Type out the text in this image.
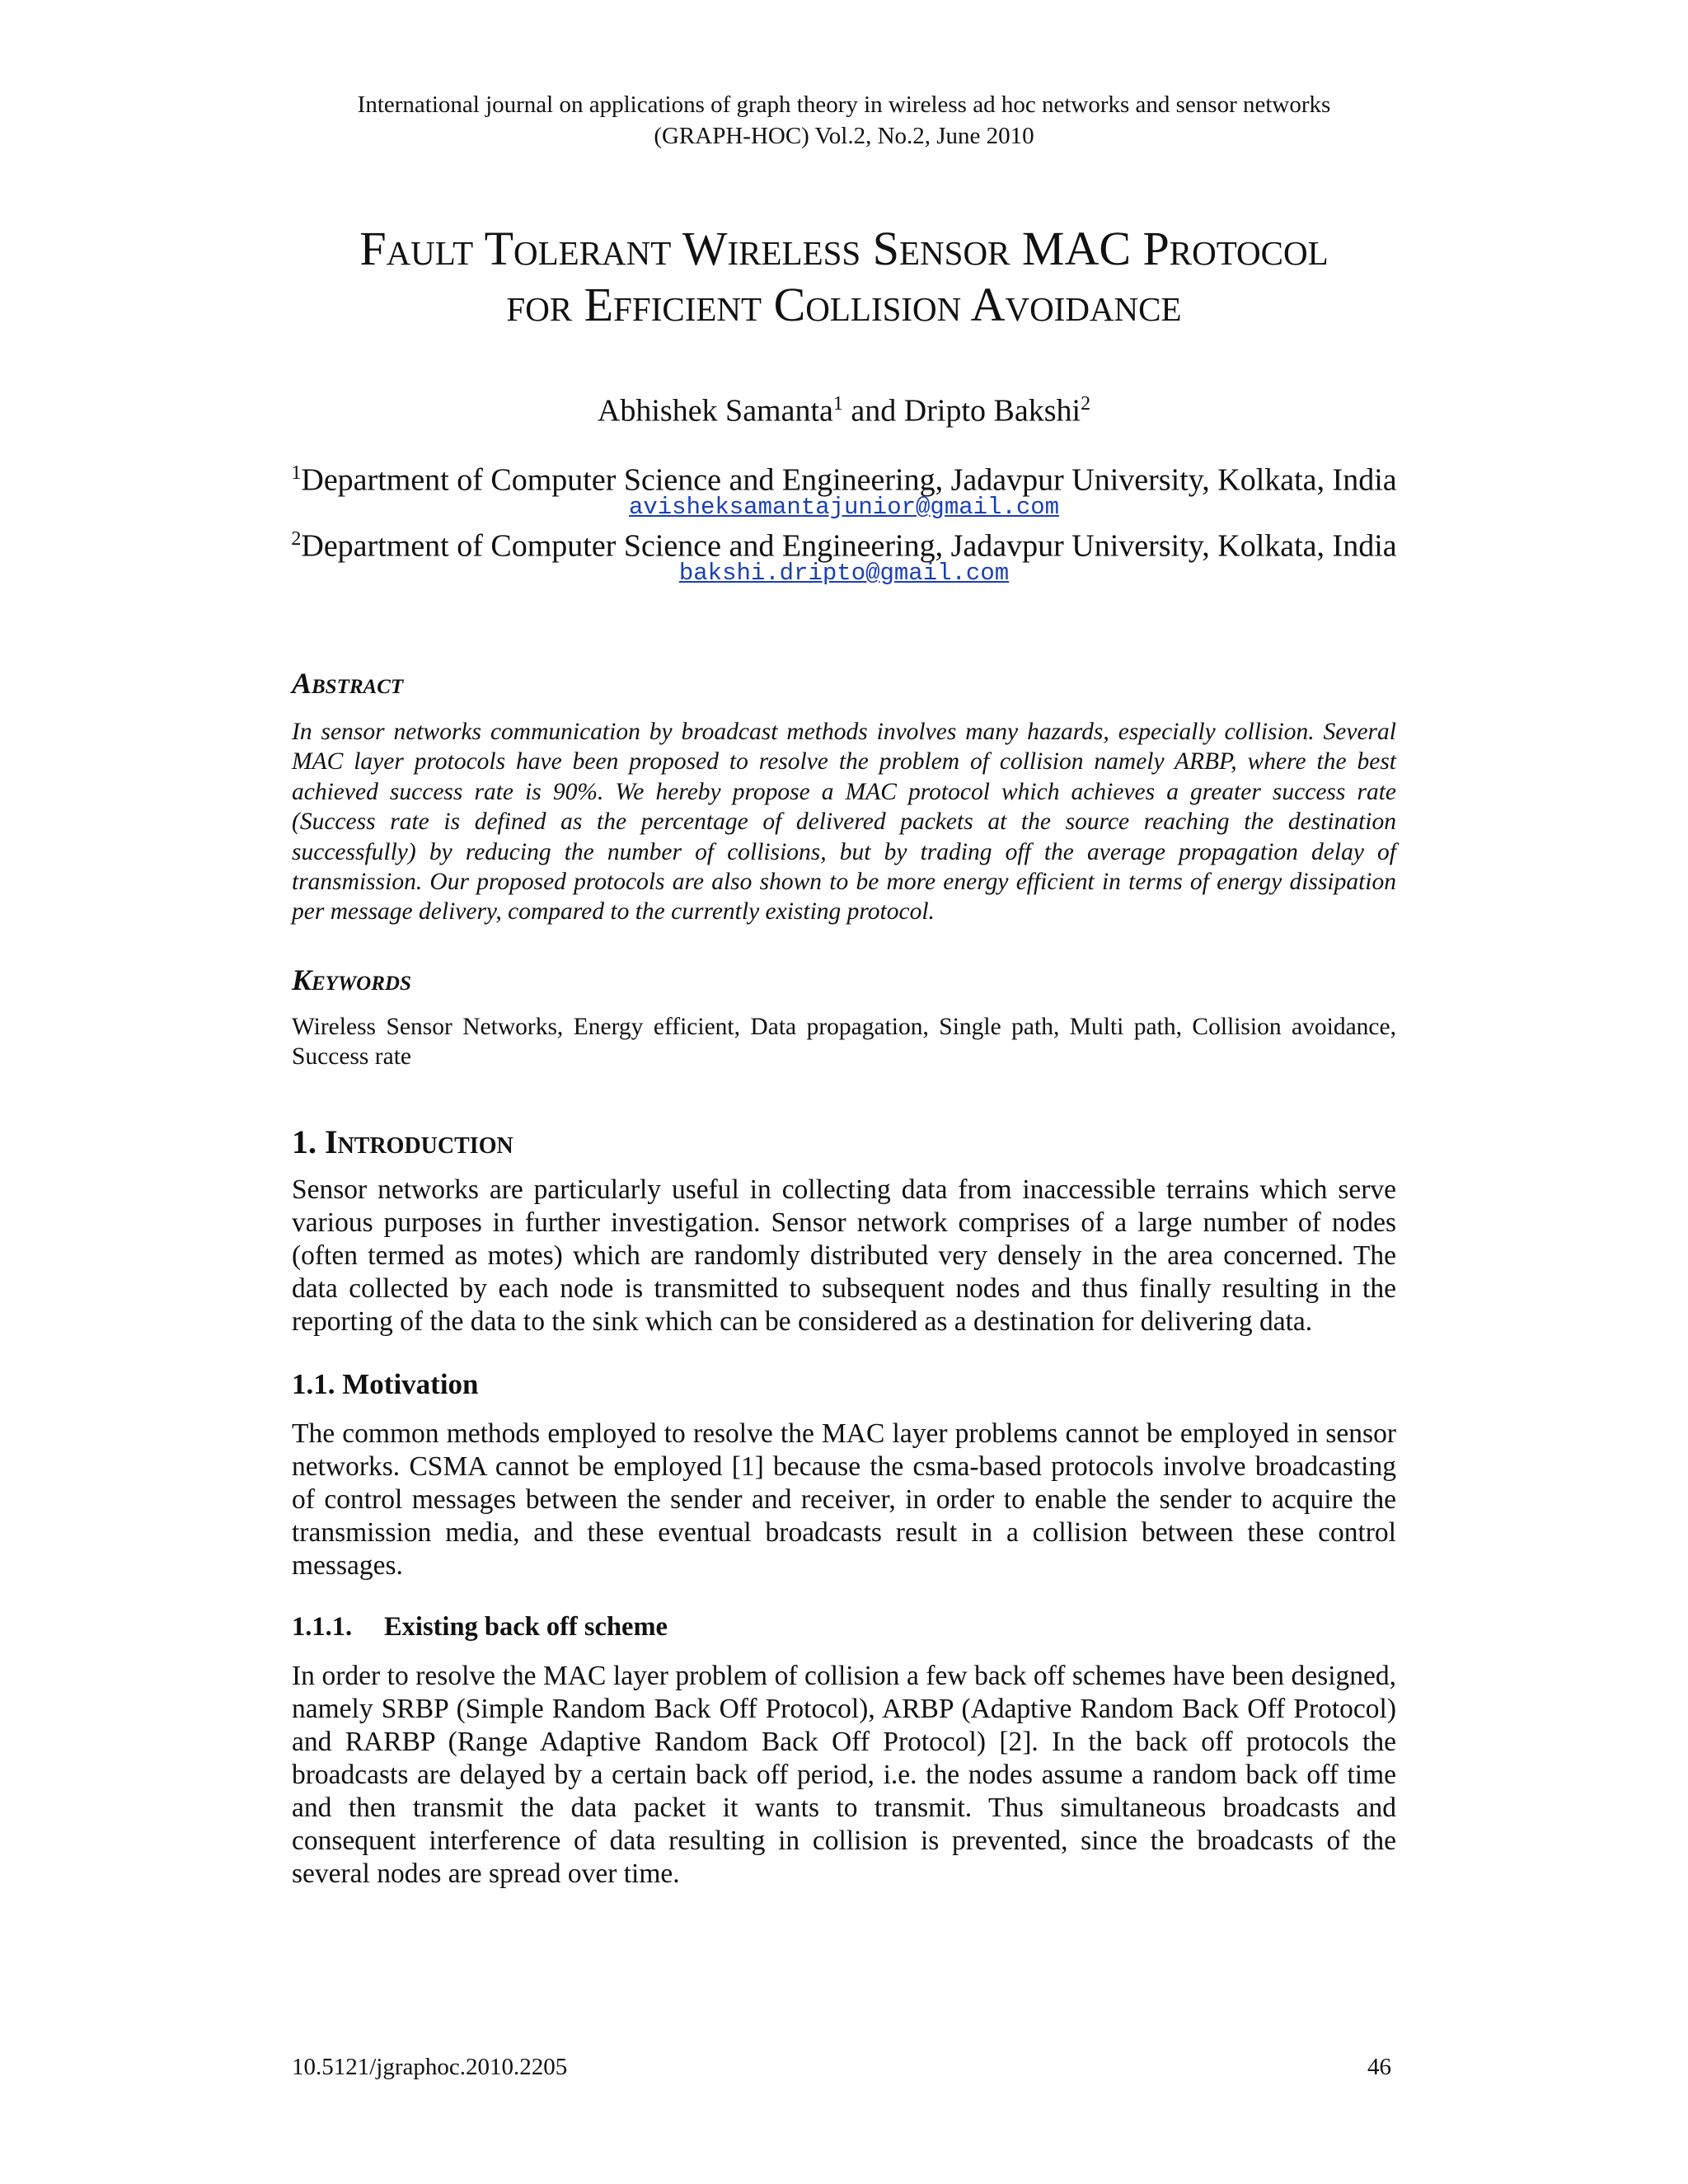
International journal on applications of graph theory in wireless ad hoc networks and sensor networks
(GRAPH-HOC) Vol.2, No.2, June 2010
Fault Tolerant Wireless Sensor MAC Protocol
for Efficient Collision Avoidance
Abhishek Samanta$^1$ and Dripto Bakshi$^2$
$^1$Department of Computer Science and Engineering, Jadavpur University, Kolkata, India
avisheksamantajunior@gmail.com
$^2$Department of Computer Science and Engineering, Jadavpur University, Kolkata, India
bakshi.dripto@gmail.com
Abstract
In sensor networks communication by broadcast methods involves many hazards, especially collision. Several MAC layer protocols have been proposed to resolve the problem of collision namely ARBP, where the best achieved success rate is 90%. We hereby propose a MAC protocol which achieves a greater success rate (Success rate is defined as the percentage of delivered packets at the source reaching the destination successfully) by reducing the number of collisions, but by trading off the average propagation delay of transmission. Our proposed protocols are also shown to be more energy efficient in terms of energy dissipation per message delivery, compared to the currently existing protocol.
Keywords
Wireless Sensor Networks, Energy efficient, Data propagation, Single path, Multi path, Collision avoidance, Success rate
1. Introduction
Sensor networks are particularly useful in collecting data from inaccessible terrains which serve various purposes in further investigation. Sensor network comprises of a large number of nodes (often termed as motes) which are randomly distributed very densely in the area concerned. The data collected by each node is transmitted to subsequent nodes and thus finally resulting in the reporting of the data to the sink which can be considered as a destination for delivering data.
1.1. Motivation
The common methods employed to resolve the MAC layer problems cannot be employed in sensor networks. CSMA cannot be employed [1] because the csma-based protocols involve broadcasting of control messages between the sender and receiver, in order to enable the sender to acquire the transmission media, and these eventual broadcasts result in a collision between these control messages.
1.1.1. Existing back off scheme
In order to resolve the MAC layer problem of collision a few back off schemes have been designed, namely SRBP (Simple Random Back Off Protocol), ARBP (Adaptive Random Back Off Protocol) and RARBP (Range Adaptive Random Back Off Protocol) [2]. In the back off protocols the broadcasts are delayed by a certain back off period, i.e. the nodes assume a random back off time and then transmit the data packet it wants to transmit. Thus simultaneous broadcasts and consequent interference of data resulting in collision is prevented, since the broadcasts of the several nodes are spread over time.
10.5121/jgraphoc.2010.2205	46
